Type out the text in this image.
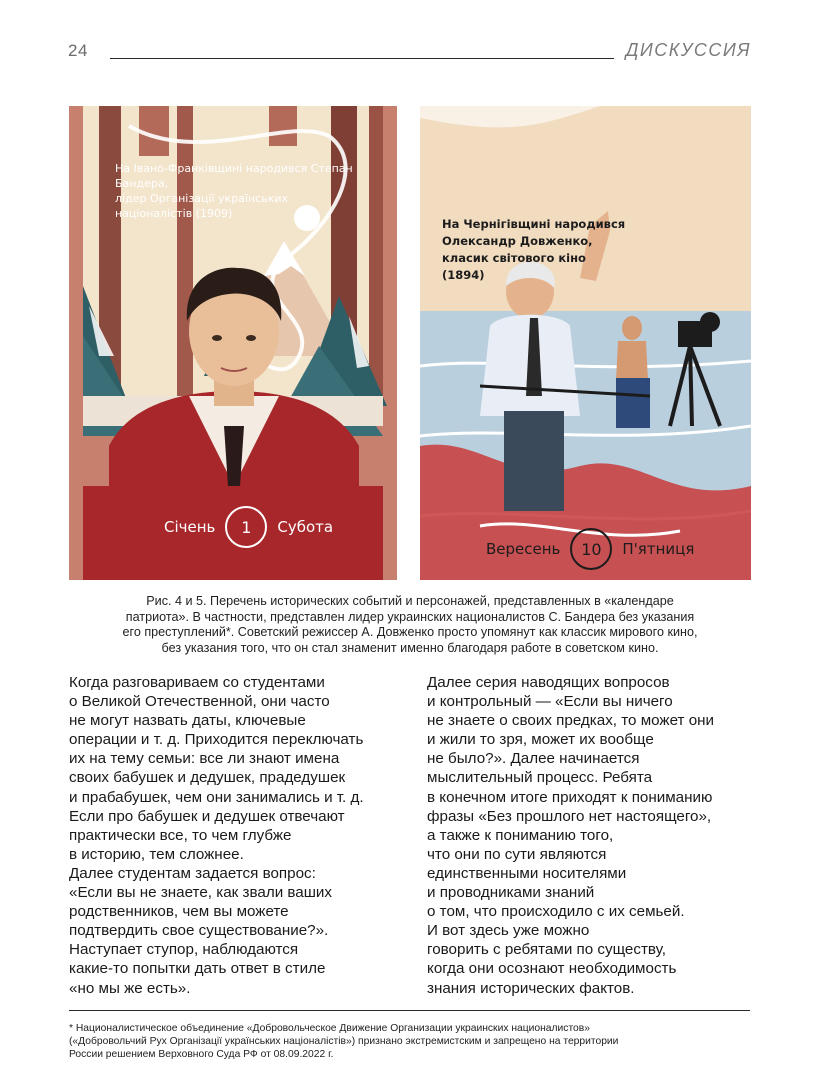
24	ДИСКУССИЯ
На Івано-Франківщині народився Степан Бандера,
лідер Організації українських
націоналістів (1909)
Січень	1	Субота
На Чернігівщині народився
Олександр Довженко,
класик світового кіно
(1894)
Вересень	10	П'ятниця
Рис. 4 и 5. Перечень исторических событий и персонажей, представленных в «календаре
патриота». В частности, представлен лидер украинских националистов С. Бандера без указания
его преступлений*. Советский режиссер А. Довженко просто упомянут как классик мирового кино,
без указания того, что он стал знаменит именно благодаря работе в советском кино.
Когда разговариваем со студентами
о Великой Отечественной, они часто
не могут назвать даты, ключевые
операции и т. д. Приходится переключать
их на тему семьи: все ли знают имена
своих бабушек и дедушек, прадедушек
и прабабушек, чем они занимались и т. д.
Если про бабушек и дедушек отвечают
практически все, то чем глубже
в историю, тем сложнее.
Далее студентам задается вопрос:
«Если вы не знаете, как звали ваших
родственников, чем вы можете
подтвердить свое существование?».
Наступает ступор, наблюдаются
какие-то попытки дать ответ в стиле
«но мы же есть».
Далее серия наводящих вопросов
и контрольный — «Если вы ничего
не знаете о своих предках, то может они
и жили то зря, может их вообще
не было?». Далее начинается
мыслительный процесс. Ребята
в конечном итоге приходят к пониманию
фразы «Без прошлого нет настоящего»,
а также к пониманию того,
что они по сути являются
единственными носителями
и проводниками знаний
о том, что происходило с их семьей.
И вот здесь уже можно
говорить с ребятами по существу,
когда они осознают необходимость
знания исторических фактов.
* Националистическое объединение «Добровольческое Движение Организации украинских националистов»
(«Добровольчий Рух Організації українських націоналістів») признано экстремистским и запрещено на территории
России решением Верховного Суда РФ от 08.09.2022 г.
